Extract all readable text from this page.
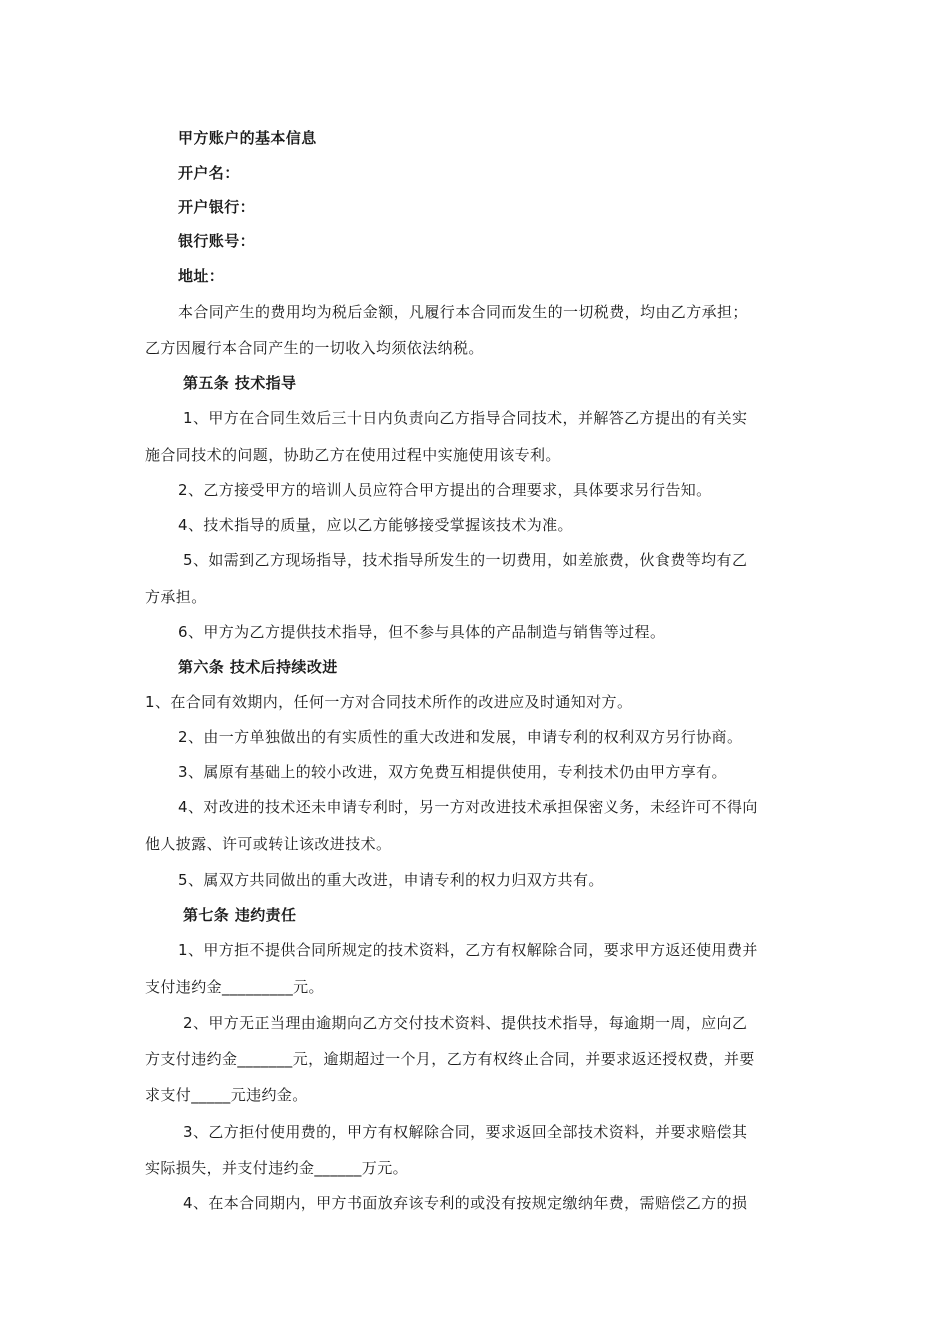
甲方账户的基本信息
开户名：
开户银行：
银行账号：
地址：
本合同产生的费用均为税后金额，凡履行本合同而发生的一切税费，均由乙方承担；
乙方因履行本合同产生的一切收入均须依法纳税。
第五条 技术指导
1、甲方在合同生效后三十日内负责向乙方指导合同技术，并解答乙方提出的有关实
施合同技术的问题，协助乙方在使用过程中实施使用该专利。
2、乙方接受甲方的培训人员应符合甲方提出的合理要求，具体要求另行告知。
4、技术指导的质量，应以乙方能够接受掌握该技术为准。
5、如需到乙方现场指导，技术指导所发生的一切费用，如差旅费，伙食费等均有乙
方承担。
6、甲方为乙方提供技术指导，但不参与具体的产品制造与销售等过程。
第六条 技术后持续改进
1、在合同有效期内，任何一方对合同技术所作的改进应及时通知对方。
2、由一方单独做出的有实质性的重大改进和发展，申请专利的权利双方另行协商。
3、属原有基础上的较小改进，双方免费互相提供使用，专利技术仍由甲方享有。
4、对改进的技术还未申请专利时，另一方对改进技术承担保密义务，未经许可不得向
他人披露、许可或转让该改进技术。
5、属双方共同做出的重大改进，申请专利的权力归双方共有。
第七条 违约责任
1、甲方拒不提供合同所规定的技术资料，乙方有权解除合同，要求甲方返还使用费并
支付违约金_________元。
2、甲方无正当理由逾期向乙方交付技术资料、提供技术指导，每逾期一周，应向乙
方支付违约金_______元，逾期超过一个月，乙方有权终止合同，并要求返还授权费，并要
求支付_____元违约金。
3、乙方拒付使用费的，甲方有权解除合同，要求返回全部技术资料，并要求赔偿其
实际损失，并支付违约金______万元。
4、在本合同期内，甲方书面放弃该专利的或没有按规定缴纳年费，需赔偿乙方的损
